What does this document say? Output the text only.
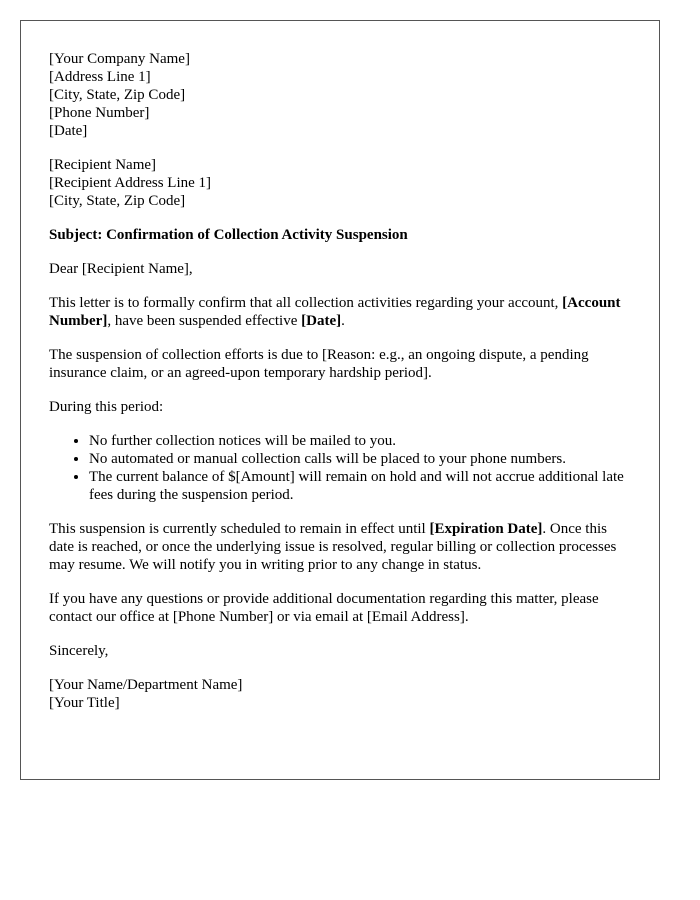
[Your Company Name]
[Address Line 1]
[City, State, Zip Code]
[Phone Number]
[Date]
[Recipient Name]
[Recipient Address Line 1]
[City, State, Zip Code]
Subject: Confirmation of Collection Activity Suspension

Dear [Recipient Name],

This letter is to formally confirm that all collection activities regarding your account, [Account Number], have been suspended effective [Date].

The suspension of collection efforts is due to [Reason: e.g., an ongoing dispute, a pending insurance claim, or an agreed-upon temporary hardship period].

During this period:

• No further collection notices will be mailed to you.
• No automated or manual collection calls will be placed to your phone numbers.
• The current balance of $[Amount] will remain on hold and will not accrue additional late fees during the suspension period.

This suspension is currently scheduled to remain in effect until [Expiration Date]. Once this date is reached, or once the underlying issue is resolved, regular billing or collection processes may resume. We will notify you in writing prior to any change in status.

If you have any questions or provide additional documentation regarding this matter, please contact our office at [Phone Number] or via email at [Email Address].

Sincerely,

[Your Name/Department Name]
[Your Title]
